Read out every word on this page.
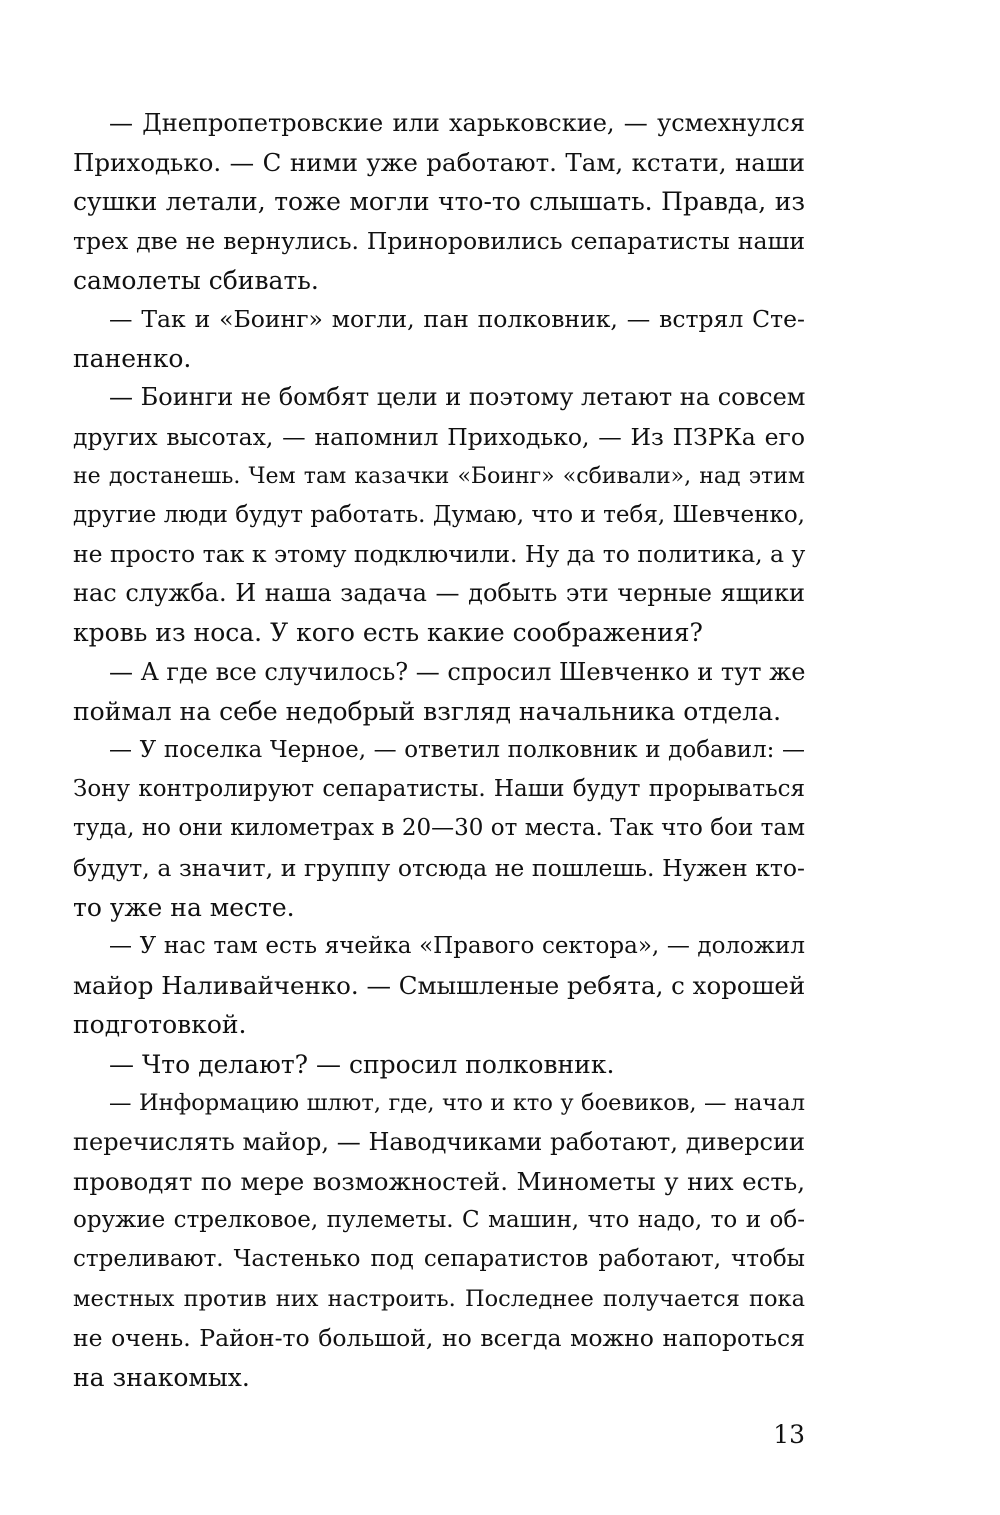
— Днепропетровские или харьковские, — усмехнулся
Приходько. — С ними уже работают. Там, кстати, наши
сушки летали, тоже могли что-то слышать. Правда, из
трех две не вернулись. Приноровились сепаратисты наши
самолеты сбивать.
— Так и «Боинг» могли, пан полковник, — встрял Сте-
паненко.
— Боинги не бомбят цели и поэтому летают на совсем
других высотах, — напомнил Приходько, — Из ПЗРКа его
не достанешь. Чем там казачки «Боинг» «сбивали», над этим
другие люди будут работать. Думаю, что и тебя, Шевченко,
не просто так к этому подключили. Ну да то политика, а у
нас служба. И наша задача — добыть эти черные ящики
кровь из носа. У кого есть какие соображения?
— А где все случилось? — спросил Шевченко и тут же
поймал на себе недобрый взгляд начальника отдела.
— У поселка Черное, — ответил полковник и добавил: —
Зону контролируют сепаратисты. Наши будут прорываться
туда, но они километрах в 20—30 от места. Так что бои там
будут, а значит, и группу отсюда не пошлешь. Нужен кто-
то уже на месте.
— У нас там есть ячейка «Правого сектора», — доложил
майор Наливайченко. — Смышленые ребята, с хорошей
подготовкой.
— Что делают? — спросил полковник.
— Информацию шлют, где, что и кто у боевиков, — начал
перечислять майор, — Наводчиками работают, диверсии
проводят по мере возможностей. Минометы у них есть,
оружие стрелковое, пулеметы. С машин, что надо, то и об-
стреливают. Частенько под сепаратистов работают, чтобы
местных против них настроить. Последнее получается пока
не очень. Район-то большой, но всегда можно напороться
на знакомых.
13
